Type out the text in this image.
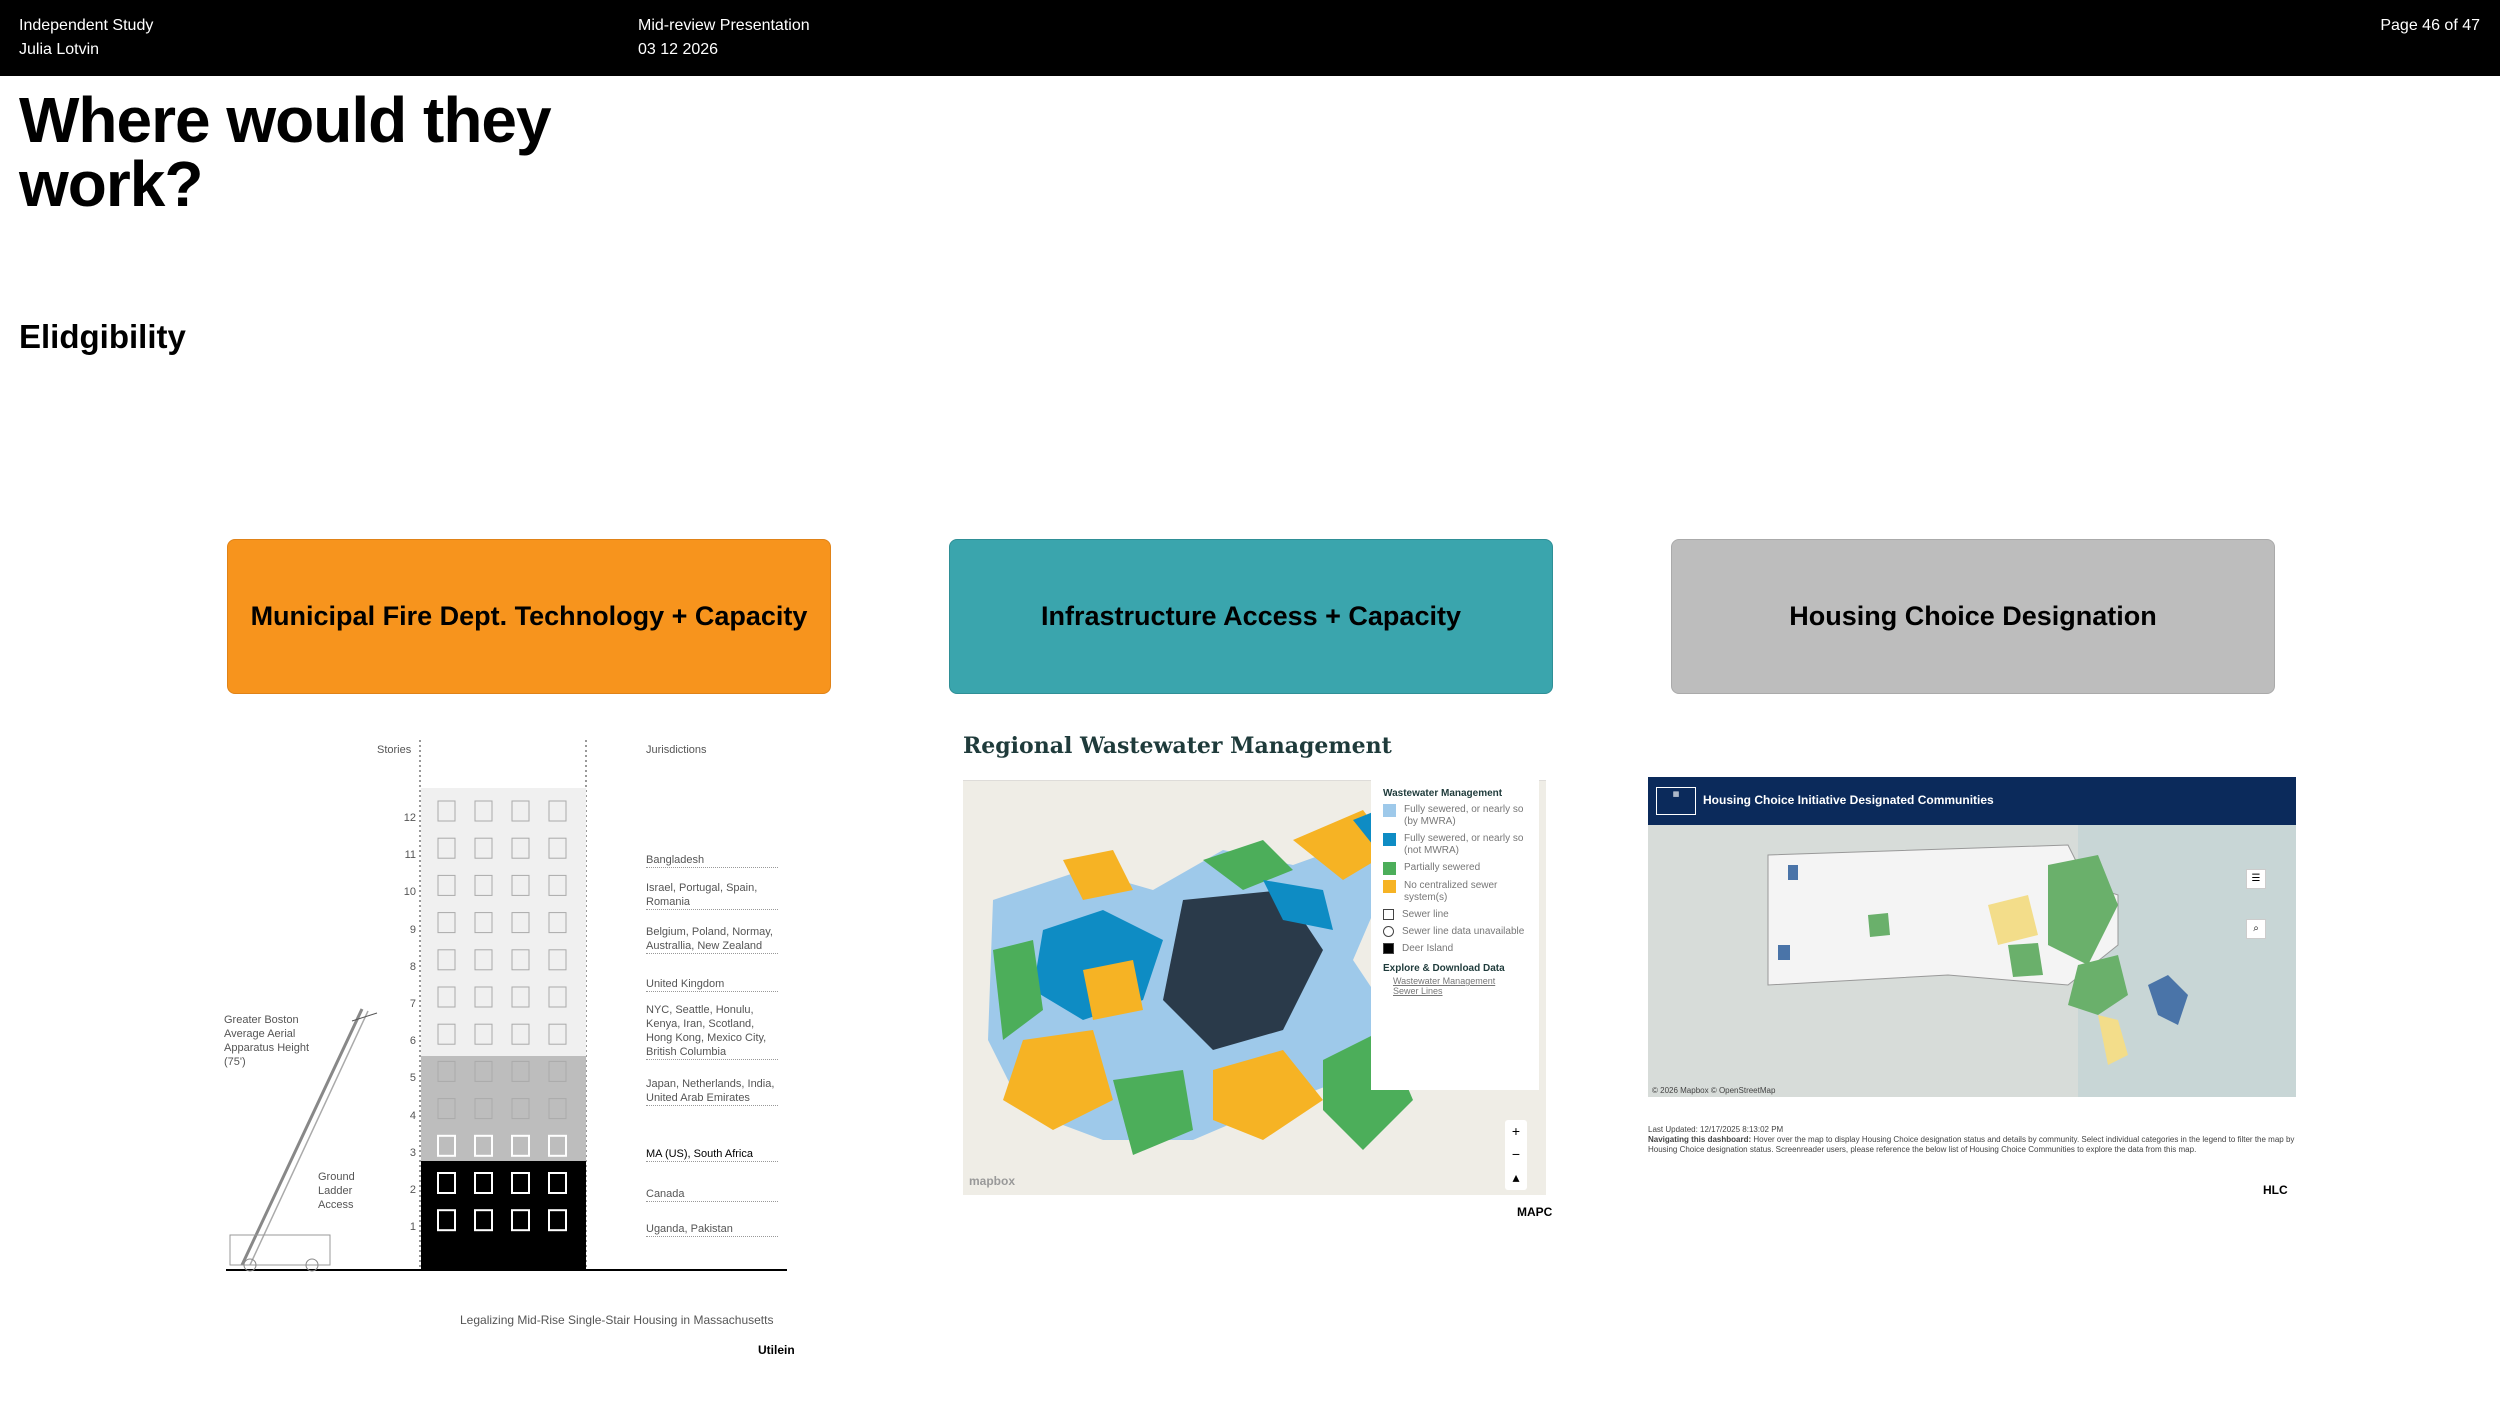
Independent Study
Julia Lotvin
Mid-review Presentation
03 12 2026
Page 46 of 47
Where would they
work?
Elidgibility
Municipal Fire Dept. Technology + Capacity	Infrastructure Access + Capacity	Housing Choice Designation
Stories	Jurisdictions
12
11
10
9
8
7
6
5
4
3
2
1
Bangladesh
Israel, Portugal, Spain, Romania
Belgium, Poland, Normay, Australlia, New Zealand
United Kingdom
NYC, Seattle, Honulu, Kenya, Iran, Scotland, Hong Kong, Mexico City, British Columbia
Japan, Netherlands, India, United Arab Emirates
MA (US), South Africa
Canada
Uganda, Pakistan
Greater Boston Average Aerial Apparatus Height (75')
Ground Ladder Access
Legalizing Mid-Rise Single-Stair Housing in Massachusetts
Utilein
Regional Wastewater Management
Wastewater Management
Fully sewered, or nearly so (by MWRA)
Fully sewered, or nearly so (not MWRA)
Partially sewered
No centralized sewer system(s)
Sewer line
Sewer line data unavailable
Deer Island
Explore & Download Data
Wastewater Management
Sewer Lines
+
−
▴
mapbox
MAPC
▦	Housing Choice Initiative Designated Communities
☰
⌕
© 2026 Mapbox © OpenStreetMap
Last Updated: 12/17/2025 8:13:02 PM
Navigating this dashboard: Hover over the map to display Housing Choice designation status and details by community. Select individual categories in the legend to filter the map by Housing Choice designation status. Screenreader users, please reference the below list of Housing Choice Communities to explore the data from this map.
HLC
